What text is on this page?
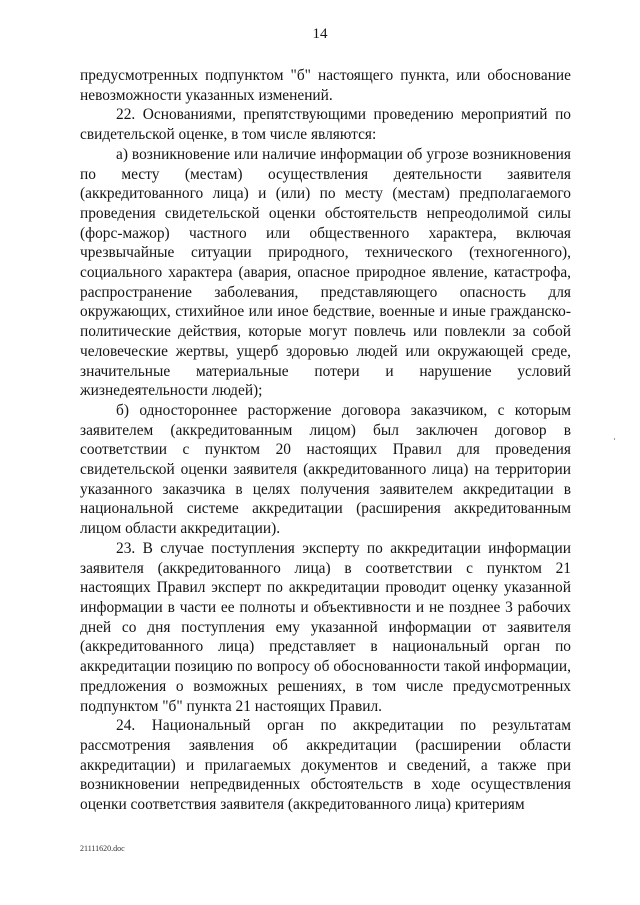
14

предусмотренных подпунктом "б" настоящего пункта, или обоснование невозможности указанных изменений.

22. Основаниями, препятствующими проведению мероприятий по свидетельской оценке, в том числе являются:

а) возникновение или наличие информации об угрозе возникновения по месту (местам) осуществления деятельности заявителя (аккредитованного лица) и (или) по месту (местам) предполагаемого проведения свидетельской оценки обстоятельств непреодолимой силы (форс-мажор) частного или общественного характера, включая чрезвычайные ситуации природного, технического (техногенного), социального характера (авария, опасное природное явление, катастрофа, распространение заболевания, представляющего опасность для окружающих, стихийное или иное бедствие, военные и иные гражданско-политические действия, которые могут повлечь или повлекли за собой человеческие жертвы, ущерб здоровью людей или окружающей среде, значительные материальные потери и нарушение условий жизнедеятельности людей);

б) одностороннее расторжение договора заказчиком, с которым заявителем (аккредитованным лицом) был заключен договор в соответствии с пунктом 20 настоящих Правил для проведения свидетельской оценки заявителя (аккредитованного лица) на территории указанного заказчика в целях получения заявителем аккредитации в национальной системе аккредитации (расширения аккредитованным лицом области аккредитации).

23. В случае поступления эксперту по аккредитации информации заявителя (аккредитованного лица) в соответствии с пунктом 21 настоящих Правил эксперт по аккредитации проводит оценку указанной информации в части ее полноты и объективности и не позднее 3 рабочих дней со дня поступления ему указанной информации от заявителя (аккредитованного лица) представляет в национальный орган по аккредитации позицию по вопросу об обоснованности такой информации, предложения о возможных решениях, в том числе предусмотренных подпунктом "б" пункта 21 настоящих Правил.

24. Национальный орган по аккредитации по результатам рассмотрения заявления об аккредитации (расширении области аккредитации) и прилагаемых документов и сведений, а также при возникновении непредвиденных обстоятельств в ходе осуществления оценки соответствия заявителя (аккредитованного лица) критериям

21111620.doc
